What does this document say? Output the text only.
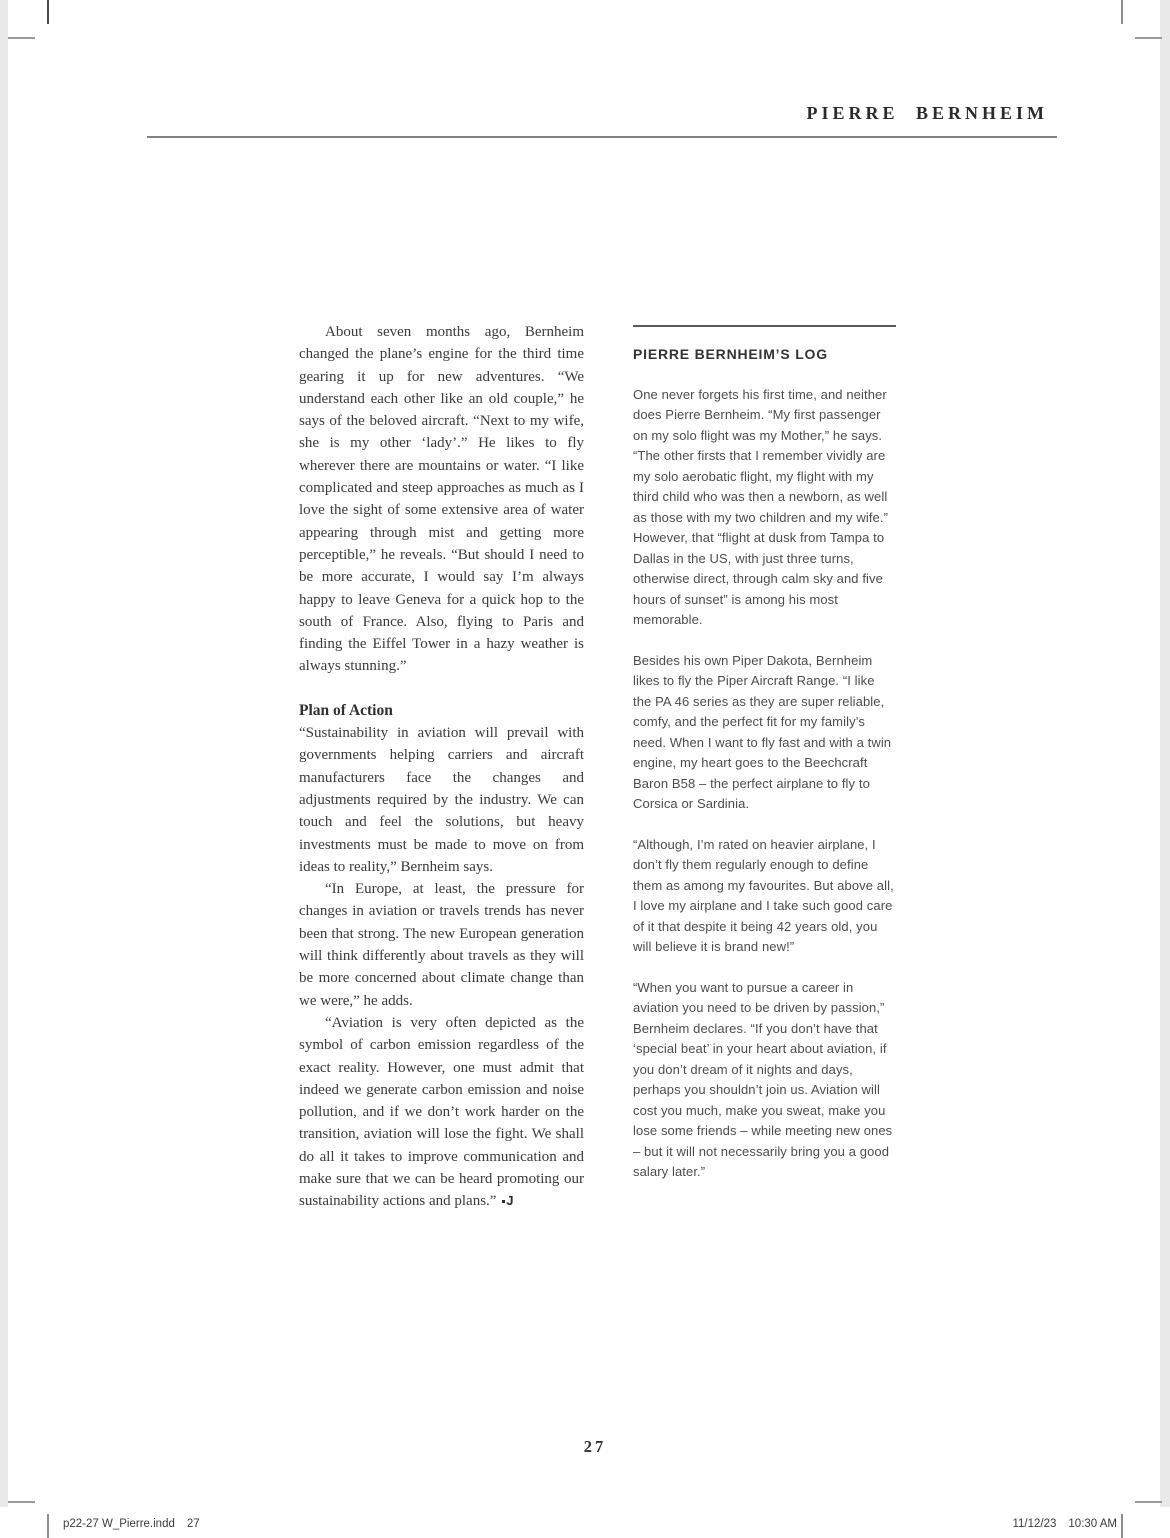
PIERRE BERNHEIM

About seven months ago, Bernheim changed the plane’s engine for the third time gearing it up for new adventures. “We understand each other like an old couple,” he says of the beloved aircraft. “Next to my wife, she is my other ‘lady’.” He likes to fly wherever there are mountains or water. “I like complicated and steep approaches as much as I love the sight of some extensive area of water appearing through mist and getting more perceptible,” he reveals. “But should I need to be more accurate, I would say I’m always happy to leave Geneva for a quick hop to the south of France. Also, flying to Paris and finding the Eiffel Tower in a hazy weather is always stunning.”

Plan of Action

“Sustainability in aviation will prevail with governments helping carriers and aircraft manufacturers face the changes and adjustments required by the industry. We can touch and feel the solutions, but heavy investments must be made to move on from ideas to reality,” Bernheim says.

“In Europe, at least, the pressure for changes in aviation or travels trends has never been that strong. The new European generation will think differently about travels as they will be more concerned about climate change than we were,” he adds.

“Aviation is very often depicted as the symbol of carbon emission regardless of the exact reality. However, one must admit that indeed we generate carbon emission and noise pollution, and if we don’t work harder on the transition, aviation will lose the fight. We shall do all it takes to improve communication and make sure that we can be heard promoting our sustainability actions and plans.” J

PIERRE BERNHEIM’S LOG

One never forgets his first time, and neither does Pierre Bernheim. “My first passenger on my solo flight was my Mother,” he says. “The other firsts that I remember vividly are my solo aerobatic flight, my flight with my third child who was then a newborn, as well as those with my two children and my wife.” However, that “flight at dusk from Tampa to Dallas in the US, with just three turns, otherwise direct, through calm sky and five hours of sunset” is among his most memorable.

Besides his own Piper Dakota, Bernheim likes to fly the Piper Aircraft Range. “I like the PA 46 series as they are super reliable, comfy, and the perfect fit for my family’s need. When I want to fly fast and with a twin engine, my heart goes to the Beechcraft Baron B58 – the perfect airplane to fly to Corsica or Sardinia.

“Although, I’m rated on heavier airplane, I don’t fly them regularly enough to define them as among my favourites. But above all, I love my airplane and I take such good care of it that despite it being 42 years old, you will believe it is brand new!”

“When you want to pursue a career in aviation you need to be driven by passion,” Bernheim declares. “If you don’t have that ‘special beat’ in your heart about aviation, if you don’t dream of it nights and days, perhaps you shouldn’t join us. Aviation will cost you much, make you sweat, make you lose some friends – while meeting new ones – but it will not necessarily bring you a good salary later.”

27
p22-27 W_Pierre.indd 27	11/12/23 10:30 AM
